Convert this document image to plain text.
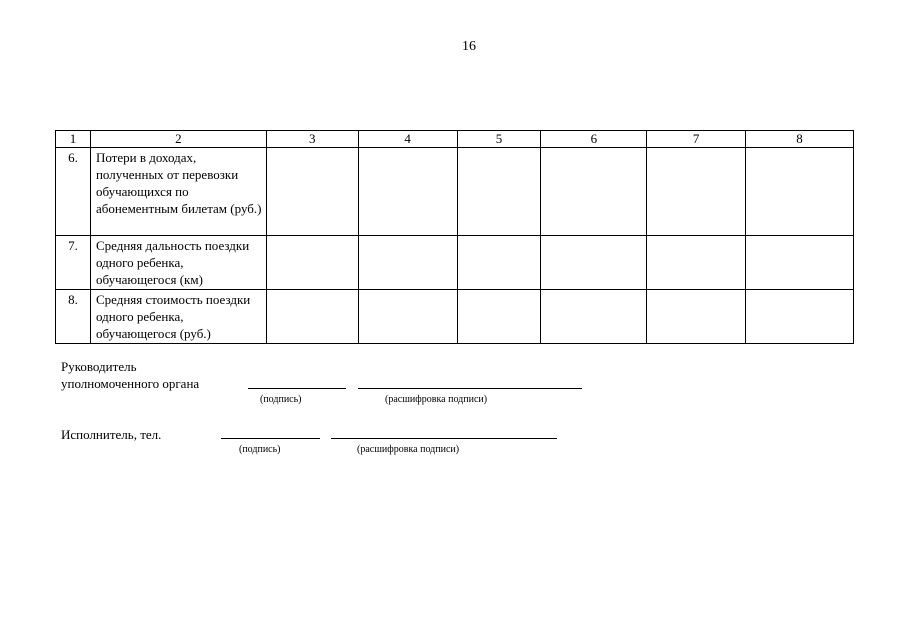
16
1	2	3	4	5	6	7	8
6.	Потери в доходах, полученных от перевозки обучающихся по абонементным билетам (руб.)						
7.	Средняя дальность поездки одного ребенка, обучающегося (км)						
8.	Средняя стоимость поездки одного ребенка, обучающегося (руб.)						
Руководитель
уполномоченного органа
(подпись)	(расшифровка подписи)
Исполнитель, тел.
(подпись)	(расшифровка подписи)
